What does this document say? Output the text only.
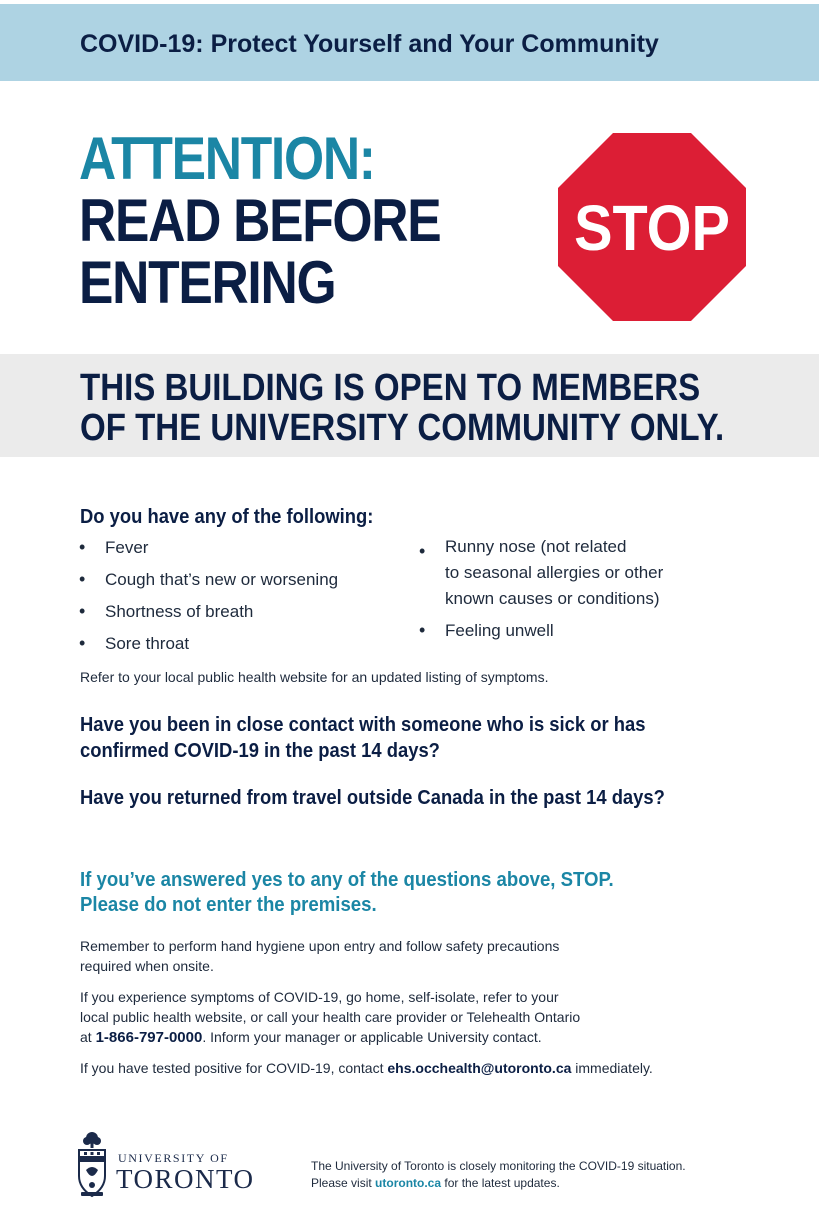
COVID-19: Protect Yourself and Your Community
ATTENTION:
READ BEFORE
ENTERING
STOP
THIS BUILDING IS OPEN TO MEMBERS
OF THE UNIVERSITY COMMUNITY ONLY.
Do you have any of the following:
• Fever
• Cough that’s new or worsening
• Shortness of breath
• Sore throat
• Runny nose (not related
to seasonal allergies or other
known causes or conditions)
• Feeling unwell
Refer to your local public health website for an updated listing of symptoms.
Have you been in close contact with someone who is sick or has
confirmed COVID-19 in the past 14 days?
Have you returned from travel outside Canada in the past 14 days?
If you’ve answered yes to any of the questions above, STOP.
Please do not enter the premises.
Remember to perform hand hygiene upon entry and follow safety precautions
required when onsite.
If you experience symptoms of COVID-19, go home, self-isolate, refer to your
local public health website, or call your health care provider or Telehealth Ontario
at 1-866-797-0000. Inform your manager or applicable University contact.
If you have tested positive for COVID-19, contact ehs.occhealth@utoronto.ca immediately.
UNIVERSITY OF
TORONTO	The University of Toronto is closely monitoring the COVID-19 situation.
Please visit utoronto.ca for the latest updates.
